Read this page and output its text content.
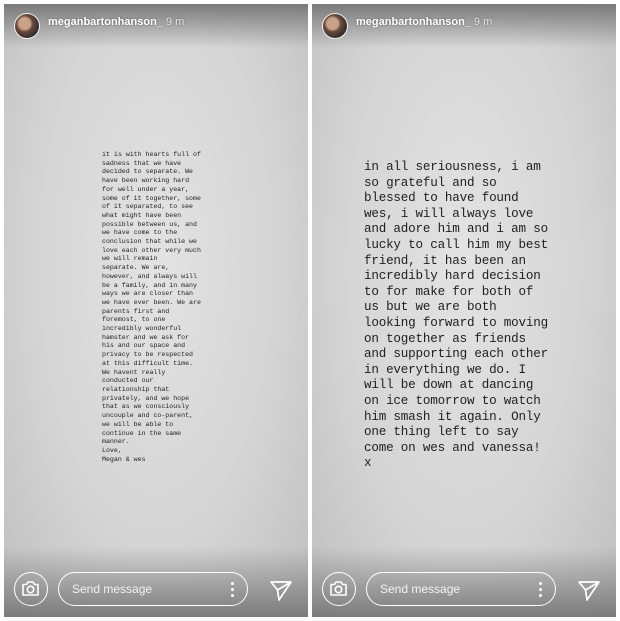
meganbartonhanson_ 9 m
it is with hearts full of
sadness that we have
decided to separate. We
have been working hard
for well under a year,
some of it together, some
of it separated, to see
what might have been
possible between us, and
we have come to the
conclusion that while we
love each other very much
we will remain
separate. We are,
however, and always will
be a family, and in many
ways we are closer than
we have ever been. We are
parents first and
foremost, to one
incredibly wonderful
hamster and we ask for
his and our space and
privacy to be respected
at this difficult time.
We havent really
conducted our
relationship that
privately, and we hope
that as we consciously
uncouple and co-parent,
we will be able to
continue in the same
manner.
Love,
Megan & wes
Send message
meganbartonhanson_ 9 m
in all seriousness, i am
so grateful and so
blessed to have found
wes, i will always love
and adore him and i am so
lucky to call him my best
friend, it has been an
incredibly hard decision
to for make for both of
us but we are both
looking forward to moving
on together as friends
and supporting each other
in everything we do. I
will be down at dancing
on ice tomorrow to watch
him smash it again. Only
one thing left to say
come on wes and vanessa!
x
Send message
